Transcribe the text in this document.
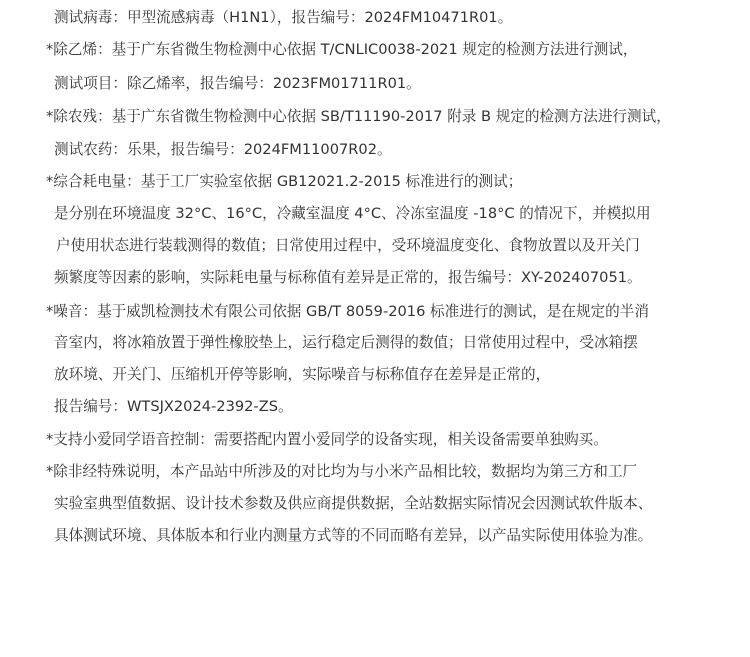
测试病毒：甲型流感病毒（H1N1），报告编号：2024FM10471R01。
*除乙烯：基于广东省微生物检测中心依据 T/CNLIC0038-2021 规定的检测方法进行测试，
测试项目：除乙烯率，报告编号：2023FM01711R01。
*除农残：基于广东省微生物检测中心依据 SB/T11190-2017 附录 B 规定的检测方法进行测试，
测试农药：乐果，报告编号：2024FM11007R02。
*综合耗电量：基于工厂实验室依据 GB12021.2-2015 标准进行的测试；
是分别在环境温度 32°C、16°C，冷藏室温度 4°C、冷冻室温度 -18°C 的情况下，并模拟用
户使用状态进行装载测得的数值；日常使用过程中，受环境温度变化、食物放置以及开关门
频繁度等因素的影响，实际耗电量与标称值有差异是正常的，报告编号：XY-202407051。
*噪音：基于威凯检测技术有限公司依据 GB/T 8059-2016 标准进行的测试，是在规定的半消
音室内，将冰箱放置于弹性橡胶垫上，运行稳定后测得的数值；日常使用过程中，受冰箱摆
放环境、开关门、压缩机开停等影响，实际噪音与标称值存在差异是正常的，
报告编号：WTSJX2024-2392-ZS。
*支持小爱同学语音控制：需要搭配内置小爱同学的设备实现，相关设备需要单独购买。
*除非经特殊说明，本产品站中所涉及的对比均为与小米产品相比较，数据均为第三方和工厂
实验室典型值数据、设计技术参数及供应商提供数据，全站数据实际情况会因测试软件版本、
具体测试环境、具体版本和行业内测量方式等的不同而略有差异，以产品实际使用体验为准。
